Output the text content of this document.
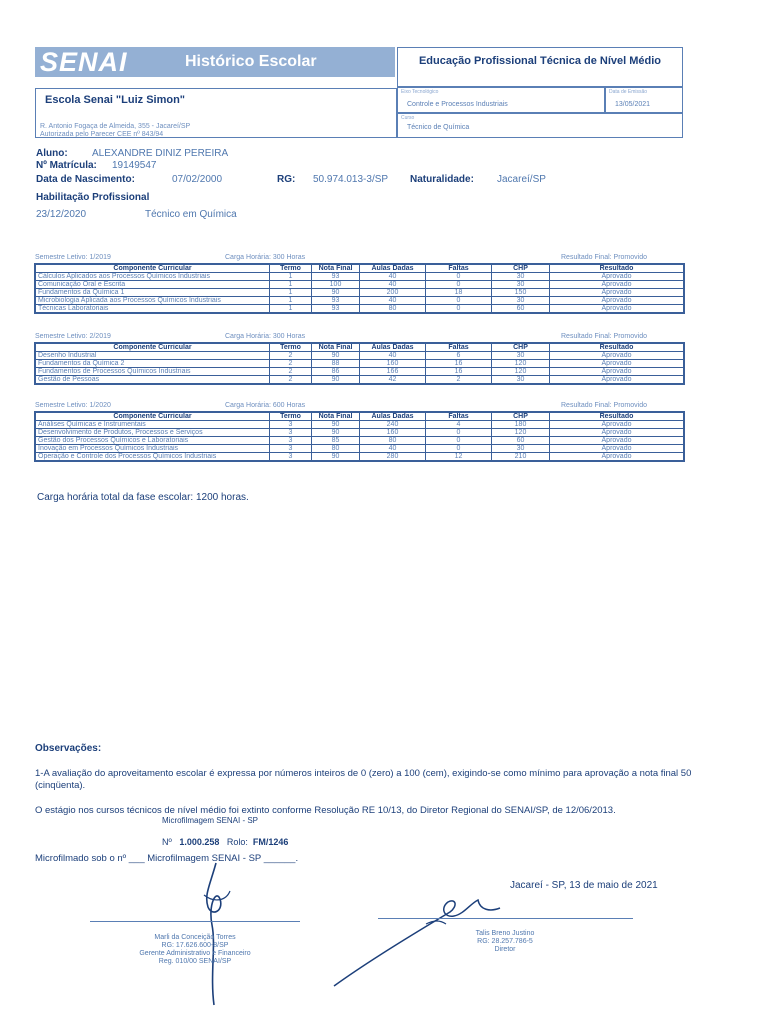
SENAI	Histórico Escolar	Educação Profissional Técnica de Nível Médio
Escola Senai "Luiz Simon"
R. Antonio Fogaça de Almeida, 355 - Jacareí/SP
Autorizada pelo Parecer CEE nº 843/94
Eixo Tecnológico
Controle e Processos Industriais
Data de Emissão
13/05/2021
Curso
Técnico de Química
Aluno: ALEXANDRE DINIZ PEREIRA
Nº Matrícula: 19149547
Data de Nascimento:	07/02/2000	RG: 50.974.013-3/SP Naturalidade: Jacareí/SP
Habilitação Profissional
23/12/2020	Técnico em Química
Semestre Letivo: 1/2019	Carga Horária: 300 Horas	Resultado Final: Promovido
Componente Curricular	Termo	Nota Final	Aulas Dadas	Faltas	CHP	Resultado
Cálculos Aplicados aos Processos Químicos Industriais	1	93	40	0	30	Aprovado
Comunicação Oral e Escrita	1	100	40	0	30	Aprovado
Fundamentos da Química 1	1	90	200	18	150	Aprovado
Microbiologia Aplicada aos Processos Químicos Industriais	1	93	40	0	30	Aprovado
Técnicas Laboratoriais	1	93	80	0	60	Aprovado
Semestre Letivo: 2/2019	Carga Horária: 300 Horas	Resultado Final: Promovido
Componente Curricular	Termo	Nota Final	Aulas Dadas	Faltas	CHP	Resultado
Desenho Industrial	2	90	40	6	30	Aprovado
Fundamentos da Química 2	2	88	160	16	120	Aprovado
Fundamentos de Processos Químicos Industriais	2	86	166	16	120	Aprovado
Gestão de Pessoas	2	90	42	2	30	Aprovado
Semestre Letivo: 1/2020	Carga Horária: 600 Horas	Resultado Final: Promovido
Componente Curricular	Termo	Nota Final	Aulas Dadas	Faltas	CHP	Resultado
Análises Químicas e Instrumentais	3	90	240	4	180	Aprovado
Desenvolvimento de Produtos, Processos e Serviços	3	90	160	0	120	Aprovado
Gestão dos Processos Químicos e Laboratoriais	3	85	80	0	60	Aprovado
Inovação em Processos Químicos Industriais	3	80	40	0	30	Aprovado
Operação e Controle dos Processos Químicos Industriais	3	90	280	12	210	Aprovado
Carga horária total da fase escolar: 1200 horas.
Observações:
1-A avaliação do aproveitamento escolar é expressa por números inteiros de 0 (zero) a 100 (cem), exigindo-se como mínimo para aprovação a nota final 50 (cinqüenta).
O estágio nos cursos técnicos de nível médio foi extinto conforme Resolução RE 10/13, do Diretor Regional do SENAI/SP, de 12/06/2013.
Microfilmagem SENAI - SP
Nº 1.000.258 Rolo: FM/1246
Microfilmado sob o nº ___ Microfilmagem SENAI - SP ______.
Jacareí - SP, 13 de maio de 2021
Marli da Conceição Torres
RG: 17.626.600-8/SP
Gerente Administrativo e Financeiro
Reg. 010/00 SENAI/SP
Talis Breno Justino
RG: 28.257.786-5
Diretor
